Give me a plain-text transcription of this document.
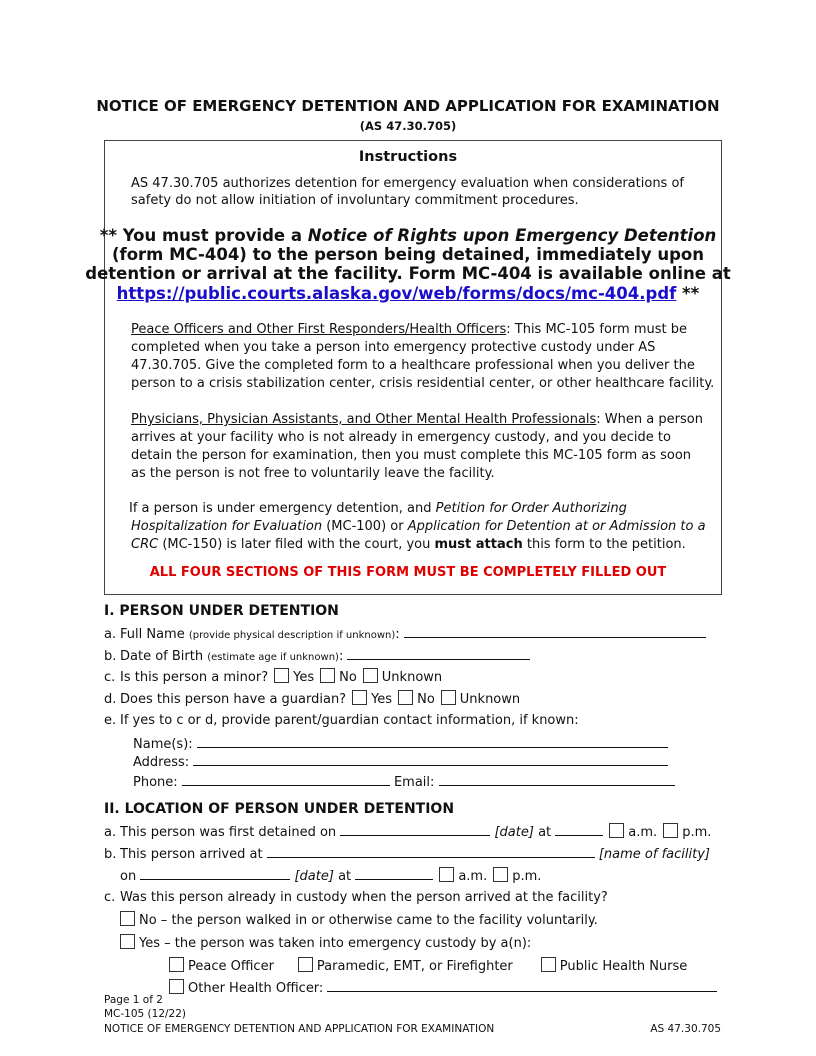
NOTICE OF EMERGENCY DETENTION AND APPLICATION FOR EXAMINATION
(AS 47.30.705)
Instructions
AS 47.30.705 authorizes detention for emergency evaluation when considerations of
safety do not allow initiation of involuntary commitment procedures.
** You must provide a Notice of Rights upon Emergency Detention
(form MC-404) to the person being detained, immediately upon
detention or arrival at the facility. Form MC-404 is available online at
https://public.courts.alaska.gov/web/forms/docs/mc-404.pdf **
Peace Officers and Other First Responders/Health Officers: This MC-105 form must be
completed when you take a person into emergency protective custody under AS
47.30.705. Give the completed form to a healthcare professional when you deliver the
person to a crisis stabilization center, crisis residential center, or other healthcare facility.
Physicians, Physician Assistants, and Other Mental Health Professionals: When a person
arrives at your facility who is not already in emergency custody, and you decide to
detain the person for examination, then you must complete this MC-105 form as soon
as the person is not free to voluntarily leave the facility.
If a person is under emergency detention, and Petition for Order Authorizing
Hospitalization for Evaluation (MC-100) or Application for Detention at or Admission to a
CRC (MC-150) is later filed with the court, you must attach this form to the petition.
ALL FOUR SECTIONS OF THIS FORM MUST BE COMPLETELY FILLED OUT
I. PERSON UNDER DETENTION
a. Full Name (provide physical description if unknown):
b. Date of Birth (estimate age if unknown):
c. Is this person a minor? Yes No Unknown
d. Does this person have a guardian? Yes No Unknown
e. If yes to c or d, provide parent/guardian contact information, if known:
Name(s):
Address:
Phone:	Email:
II. LOCATION OF PERSON UNDER DETENTION
a. This person was first detained on	[date] at	a.m. p.m.
b. This person arrived at	[name of facility]
on	[date] at	a.m. p.m.
c. Was this person already in custody when the person arrived at the facility?
No – the person walked in or otherwise came to the facility voluntarily.
Yes – the person was taken into emergency custody by a(n):
Peace Officer	Paramedic, EMT, or Firefighter	Public Health Nurse
Other Health Officer:
Page 1 of 2
MC-105 (12/22)
NOTICE OF EMERGENCY DETENTION AND APPLICATION FOR EXAMINATION	AS 47.30.705
